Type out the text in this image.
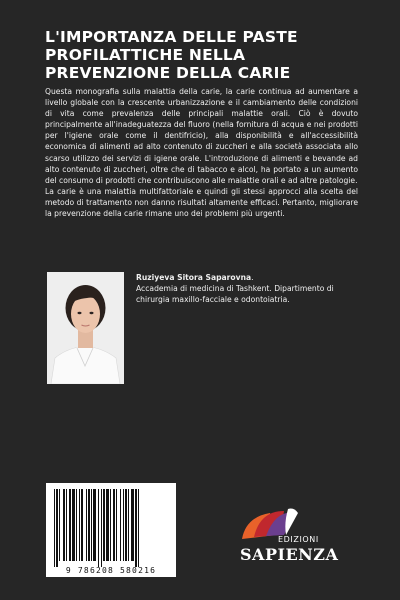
L'IMPORTANZA DELLE PASTE
PROFILATTICHE NELLA
PREVENZIONE DELLA CARIE

Questa monografia sulla malattia della carie, la carie continua ad aumentare a livello globale con la crescente urbanizzazione e il cambiamento delle condizioni di vita come prevalenza delle principali malattie orali. Ciò è dovuto principalmente all'inadeguatezza del fluoro (nella fornitura di acqua e nei prodotti per l'igiene orale come il dentifricio), alla disponibilità e all'accessibilità economica di alimenti ad alto contenuto di zuccheri e alla società associata allo scarso utilizzo dei servizi di igiene orale. L'introduzione di alimenti e bevande ad alto contenuto di zuccheri, oltre che di tabacco e alcol, ha portato a un aumento del consumo di prodotti che contribuiscono alle malattie orali e ad altre patologie.

La carie è una malattia multifattoriale e quindi gli stessi approcci alla scelta del metodo di trattamento non danno risultati altamente efficaci. Pertanto, migliorare la prevenzione della carie rimane uno dei problemi più urgenti.

Ruziyeva Sitora Saparovna.
Accademia di medicina di Tashkent. Dipartimento di chirurgia maxillo-facciale e odontoiatria.
9 786208 580216
EDIZIONI
SAPIENZA
